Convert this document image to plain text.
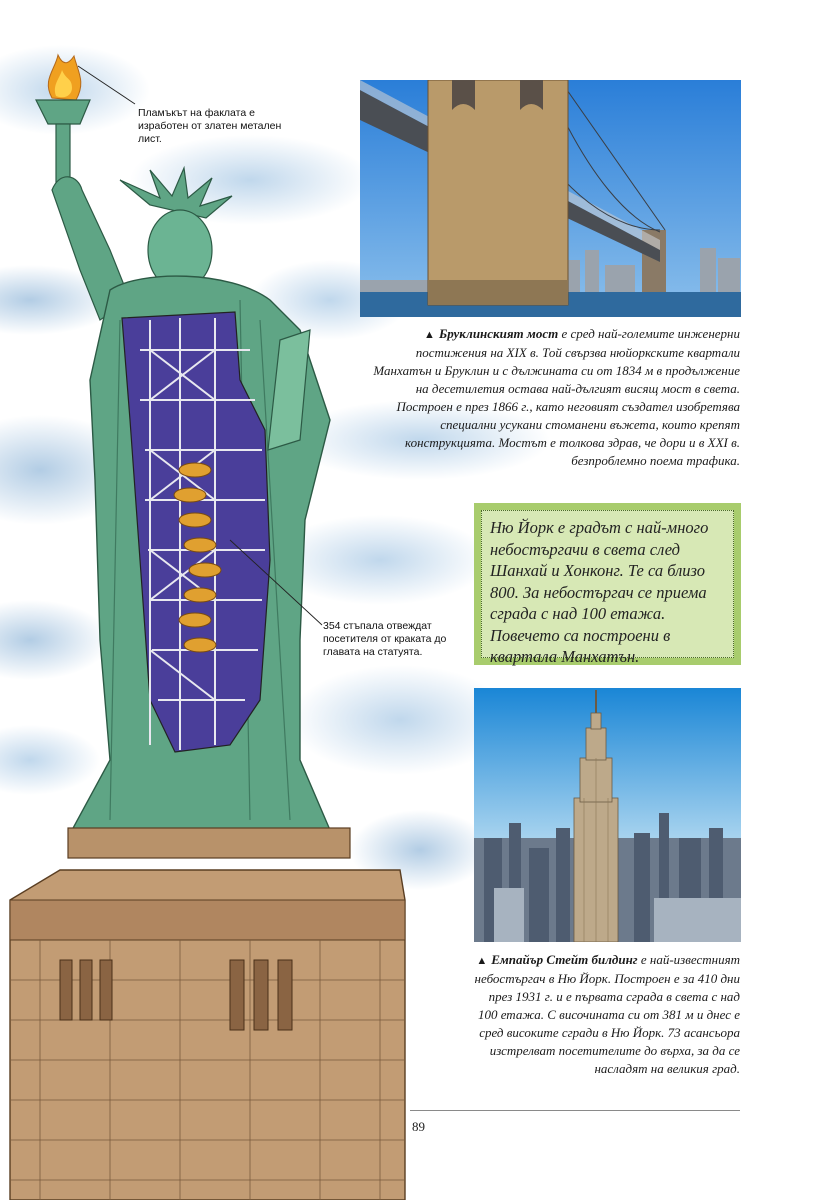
Пламъкът на факлата е изработен от златен метален лист.
354 стъпала отвеждат посетителя от краката до главата на статуята.
▲ Бруклинският мост е сред най-големите инженерни постижения на XIX в. Той свързва нюйоркските квартали Манхатън и Бруклин и с дължината си от 1834 м в продължение на десетилетия остава най-дългият висящ мост в света. Построен е през 1866 г., като неговият създател изобретява специални усукани стоманени въжета, които крепят конструкцията. Мостът е толкова здрав, че дори и в XXI в. безпроблемно поема трафика.
Ню Йорк е градът с най-много небостъргачи в света след Шанхай и Хонконг. Те са близо 800. За небостъргач се приема сграда с над 100 етажа. Повечето са построени в квартала Манхатън.
▲ Емпайър Стейт билдинг е най-известният небостъргач в Ню Йорк. Построен е за 410 дни през 1931 г. и е първата сграда в света с над 100 етажа. С височината си от 381 м и днес е сред високите сгради в Ню Йорк. 73 асансьора изстрелват посетителите до върха, за да се насладят на великия град.
89
